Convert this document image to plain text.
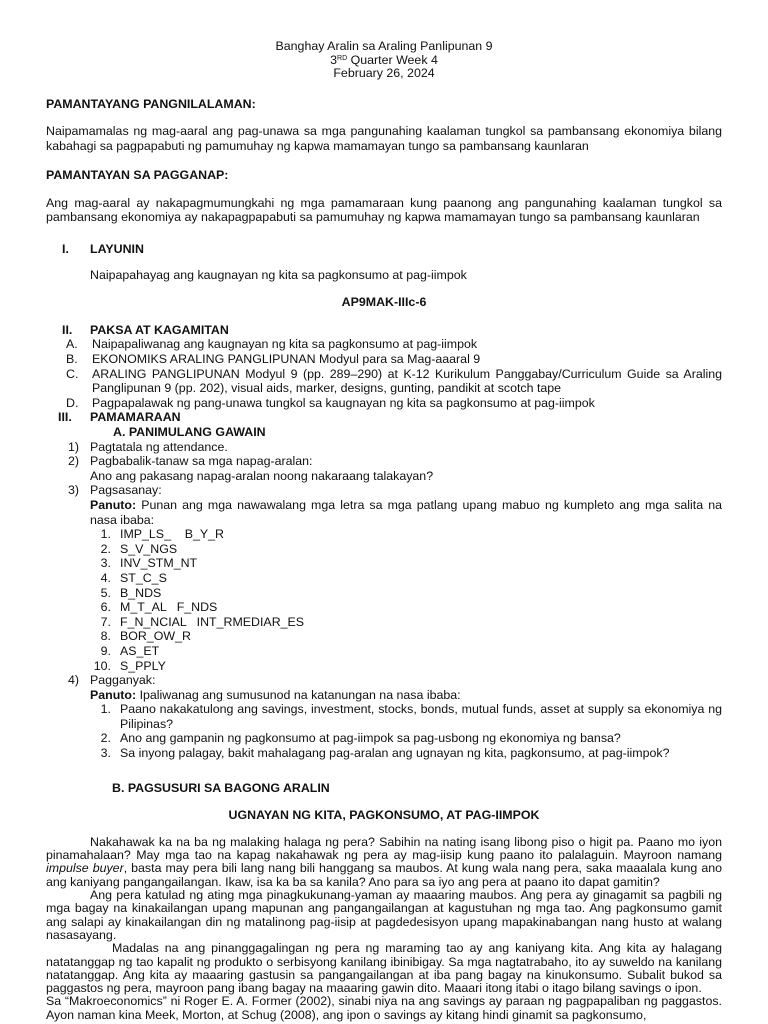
Banghay Aralin sa Araling Panlipunan 9
3RD Quarter Week 4
February 26, 2024
PAMANTAYANG PANGNILALAMAN:
Naipamamalas ng mag-aaral ang pag-unawa sa mga pangunahing kaalaman tungkol sa pambansang ekonomiya bilang kabahagi sa pagpapabuti ng pamumuhay ng kapwa mamamayan tungo sa pambansang kaunlaran
PAMANTAYAN SA PAGGANAP:
Ang mag-aaral ay nakapagmumungkahi ng mga pamamaraan kung paanong ang pangunahing kaalaman tungkol sa pambansang ekonomiya ay nakapagpapabuti sa pamumuhay ng kapwa mamamayan tungo sa pambansang kaunlaran
I.	LAYUNIN
Naipapahayag ang kaugnayan ng kita sa pagkonsumo at pag-iimpok
AP9MAK-IIIc-6
II.	PAKSA AT KAGAMITAN
A.	Naipapaliwanag ang kaugnayan ng kita sa pagkonsumo at pag-iimpok
B.	EKONOMIKS ARALING PANGLIPUNAN Modyul para sa Mag-aaaral 9
C.	ARALING PANGLIPUNAN Modyul 9 (pp. 289–290) at K-12 Kurikulum Panggabay/Curriculum Guide sa Araling Panglipunan 9 (pp. 202), visual aids, marker, designs, gunting, pandikit at scotch tape
D.	Pagpapalawak ng pang-unawa tungkol sa kaugnayan ng kita sa pagkonsumo at pag-iimpok
III.	PAMAMARAAN
A. PANIMULANG GAWAIN
1) Pagtatala ng attendance.
2) Pagbabalik-tanaw sa mga napag-aralan:
Ano ang pakasang napag-aralan noong nakaraang talakayan?
3) Pagsasanay:

Panuto: Punan ang mga nawawalang mga letra sa mga patlang upang mabuo ng kumpleto ang mga salita na nasa ibaba:
1. IMP_LS_    B_Y_R
2. S_V_NGS
3. INV_STM_NT
4. ST_C_S
5. B_NDS
6. M_T_AL   F_NDS
7. F_N_NCIAL   INT_RMEDIAR_ES
8. BOR_OW_R
9. AS_ET
10. S_PPLY
4) Pagganyak:
Panuto: Ipaliwanag ang sumusunod na katanungan na nasa ibaba:
1. Paano nakakatulong ang savings, investment, stocks, bonds, mutual funds, asset at supply sa ekonomiya ng Pilipinas?
2. Ano ang gampanin ng pagkonsumo at pag-iimpok sa pag-usbong ng ekonomiya ng bansa?
3. Sa inyong palagay, bakit mahalagang pag-aralan ang ugnayan ng kita, pagkonsumo, at pag-iimpok?
B. PAGSUSURI SA BAGONG ARALIN
UGNAYAN NG KITA, PAGKONSUMO, AT PAG-IIMPOK
Nakahawak ka na ba ng malaking halaga ng pera? Sabihin na nating isang libong piso o higit pa. Paano mo iyon pinamahalaan? May mga tao na kapag nakahawak ng pera ay mag-iisip kung paano ito palalaguin. Mayroon namang impulse buyer, basta may pera bili lang nang bili hanggang sa maubos. At kung wala nang pera, saka maaalala kung ano ang kaniyang pangangailangan. Ikaw, isa ka ba sa kanila? Ano para sa iyo ang pera at paano ito dapat gamitin?
Ang pera katulad ng ating mga pinagkukunang-yaman ay maaaring maubos. Ang pera ay ginagamit sa pagbili ng mga bagay na kinakailangan upang mapunan ang pangangailangan at kagustuhan ng mga tao. Ang pagkonsumo gamit ang salapi ay kinakailangan din ng matalinong pag-iisip at pagdedesisyon upang mapakinabangan nang husto at walang nasasayang.
Madalas na ang pinanggagalingan ng pera ng maraming tao ay ang kaniyang kita. Ang kita ay halagang natatanggap ng tao kapalit ng produkto o serbisyong kanilang ibinibigay. Sa mga nagtatrabaho, ito ay suweldo na kanilang natatanggap. Ang kita ay maaaring gastusin sa pangangailangan at iba pang bagay na kinukonsumo. Subalit bukod sa paggastos ng pera, mayroon pang ibang bagay na maaaring gawin dito. Maaari itong itabi o itago bilang savings o ipon.
Sa “Makroeconomics” ni Roger E. A. Former (2002), sinabi niya na ang savings ay paraan ng pagpapaliban ng paggastos. Ayon naman kina Meek, Morton, at Schug (2008), ang ipon o savings ay kitang hindi ginamit sa pagkonsumo,
